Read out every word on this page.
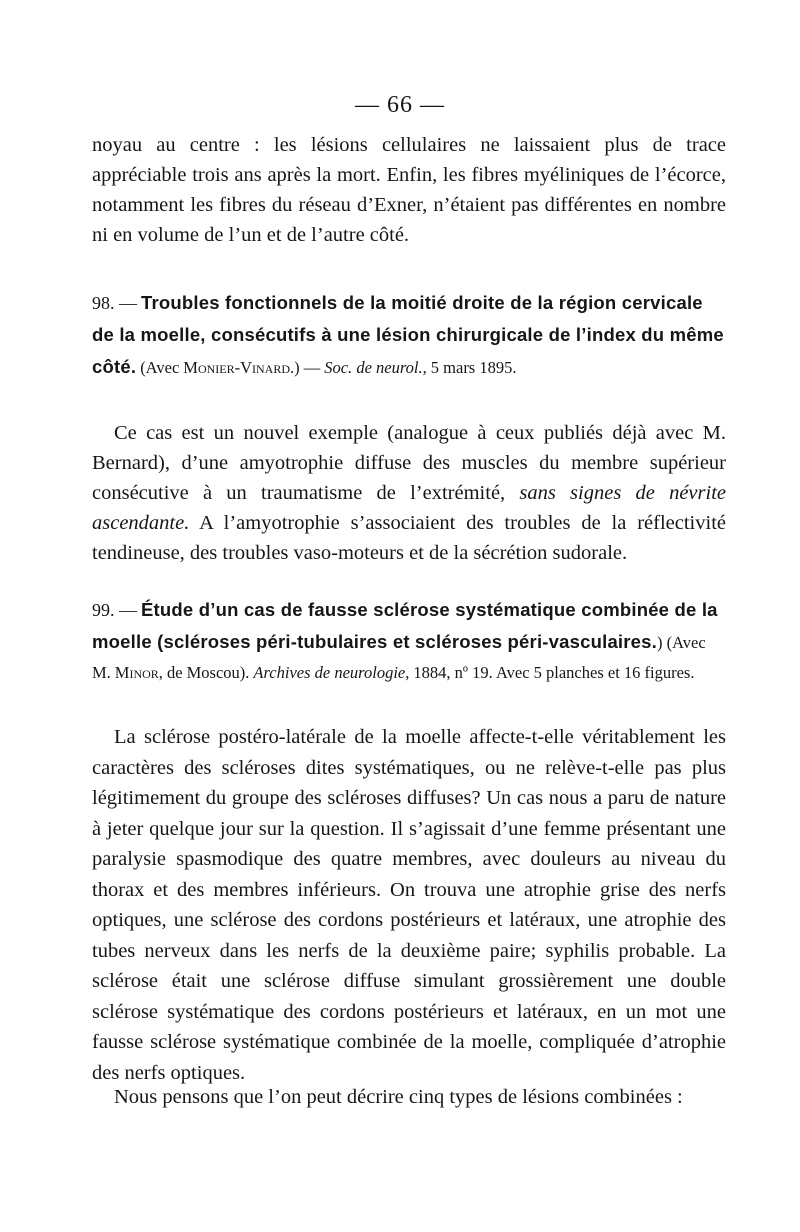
— 66 —
noyau au centre : les lésions cellulaires ne laissaient plus de trace appréciable trois ans après la mort. Enfin, les fibres myéliniques de l’écorce, notamment les fibres du réseau d’Exner, n’étaient pas différentes en nombre ni en volume de l’un et de l’autre côté.
98. — Troubles fonctionnels de la moitié droite de la région cervicale de la moelle, consécutifs à une lésion chirurgicale de l’index du même côté. (Avec Monier-Vinard.) — Soc. de neurol., 5 mars 1895.
Ce cas est un nouvel exemple (analogue à ceux publiés déjà avec M. Bernard), d’une amyotrophie diffuse des muscles du membre supérieur consécutive à un traumatisme de l’extrémité, sans signes de névrite ascendante. A l’amyotrophie s’associaient des troubles de la réflectivité tendineuse, des troubles vaso-moteurs et de la sécrétion sudorale.
99. — Étude d’un cas de fausse sclérose systématique combinée de la moelle (scléroses péri-tubulaires et scléroses péri-vasculaires.) (Avec M. Minor, de Moscou). Archives de neurologie, 1884, nº 19. Avec 5 planches et 16 figures.
La sclérose postéro-latérale de la moelle affecte-t-elle véritablement les caractères des scléroses dites systématiques, ou ne relève-t-elle pas plus légitimement du groupe des scléroses diffuses? Un cas nous a paru de nature à jeter quelque jour sur la question. Il s’agissait d’une femme présentant une paralysie spasmodique des quatre membres, avec douleurs au niveau du thorax et des membres inférieurs. On trouva une atrophie grise des nerfs optiques, une sclérose des cordons postérieurs et latéraux, une atrophie des tubes nerveux dans les nerfs de la deuxième paire; syphilis probable. La sclérose était une sclérose diffuse simulant grossièrement une double sclérose systématique des cordons postérieurs et latéraux, en un mot une fausse sclérose systématique combinée de la moelle, compliquée d’atrophie des nerfs optiques.
Nous pensons que l’on peut décrire cinq types de lésions combinées :
